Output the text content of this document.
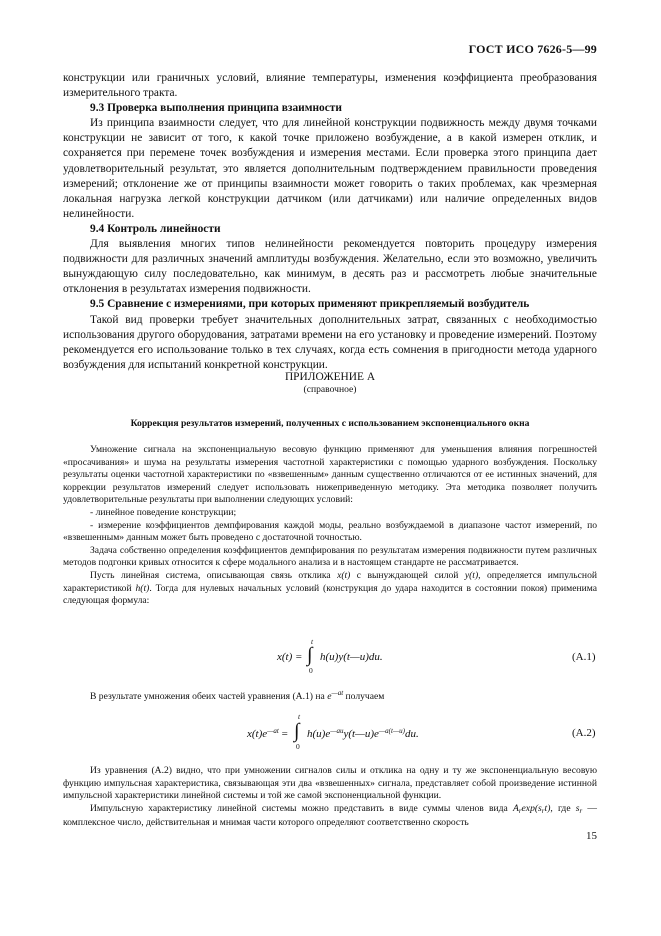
ГОСТ ИСО 7626-5—99

конструкции или граничных условий, влияние температуры, изменения коэффициента преобразования измерительного тракта.

9.3 Проверка выполнения принципа взаимности

Из принципа взаимности следует, что для линейной конструкции подвижность между двумя точками конструкции не зависит от того, к какой точке приложено возбуждение, а в какой измерен отклик, и сохраняется при перемене точек возбуждения и измерения местами. Если проверка этого принципа дает удовлетворительный результат, это является дополнительным подтверждением правильности проведения измерений; отклонение же от принципы взаимности может говорить о таких проблемах, как чрезмерная локальная нагрузка легкой конструкции датчиком (или датчиками) или наличие определенных видов нелинейности.

9.4 Контроль линейности

Для выявления многих типов нелинейности рекомендуется повторить процедуру измерения подвижности для различных значений амплитуды возбуждения. Желательно, если это возможно, увеличить вынуждающую силу последовательно, как минимум, в десять раз и рассмотреть любые значительные отклонения в результатах измерения подвижности.

9.5 Сравнение с измерениями, при которых применяют прикрепляемый возбудитель

Такой вид проверки требует значительных дополнительных затрат, связанных с необходимостью использования другого оборудования, затратами времени на его установку и проведение измерений. Поэтому рекомендуется его использование только в тех случаях, когда есть сомнения в пригодности метода ударного возбуждения для испытаний конкретной конструкции.

ПРИЛОЖЕНИЕ А

(справочное)

Коррекция результатов измерений, полученных с использованием экспоненциального окна

Умножение сигнала на экспоненциальную весовую функцию применяют для уменьшения влияния погрешностей «просачивания» и шума на результаты измерения частотной характеристики с помощью ударного возбуждения. Поскольку результаты оценки частотной характеристики по «взвешенным» данным существенно отличаются от ее истинных значений, для коррекции результатов измерений следует использовать нижеприведенную методику. Эта методика позволяет получить удовлетворительные результаты при выполнении следующих условий:

- линейное поведение конструкции;

- измерение коэффициентов демпфирования каждой моды, реально возбуждаемой в диапазоне частот измерений, по «взвешенным» данным может быть проведено с достаточной точностью.

Задача собственно определения коэффициентов демпфирования по результатам измерения подвижности путем различных методов подгонки кривых относится к сфере модального анализа и в настоящем стандарте не рассматривается.

Пусть линейная система, описывающая связь отклика x(t) с вынуждающей силой y(t), определяется импульсной характеристикой h(t). Тогда для нулевых начальных условий (конструкция до удара находится в состоянии покоя) применима следующая формула:

t
x(t) = ∫ h(u)y(t—u)du.
0
(A.1)

В результате умножения обеих частей уравнения (A.1) на $e^{—at}$ получаем

t
$x(t)e^{—at}$ = ∫ $h(u)e^{—au}y(t—u)e^{—a(t—u)}du$.
0
(A.2)

Из уравнения (A.2) видно, что при умножении сигналов силы и отклика на одну и ту же экспоненциальную весовую функцию импульсная характеристика, связывающая эти два «взвешенных» сигнала, представляет собой произведение истинной импульсной характеристики линейной системы и той же самой экспоненциальной функции.

Импульсную характеристику линейной системы можно представить в виде суммы членов вида $A_r\exp(s_rt)$, где $s_r$ — комплексное число, действительная и мнимая части которого определяют соответственно скорость

15
